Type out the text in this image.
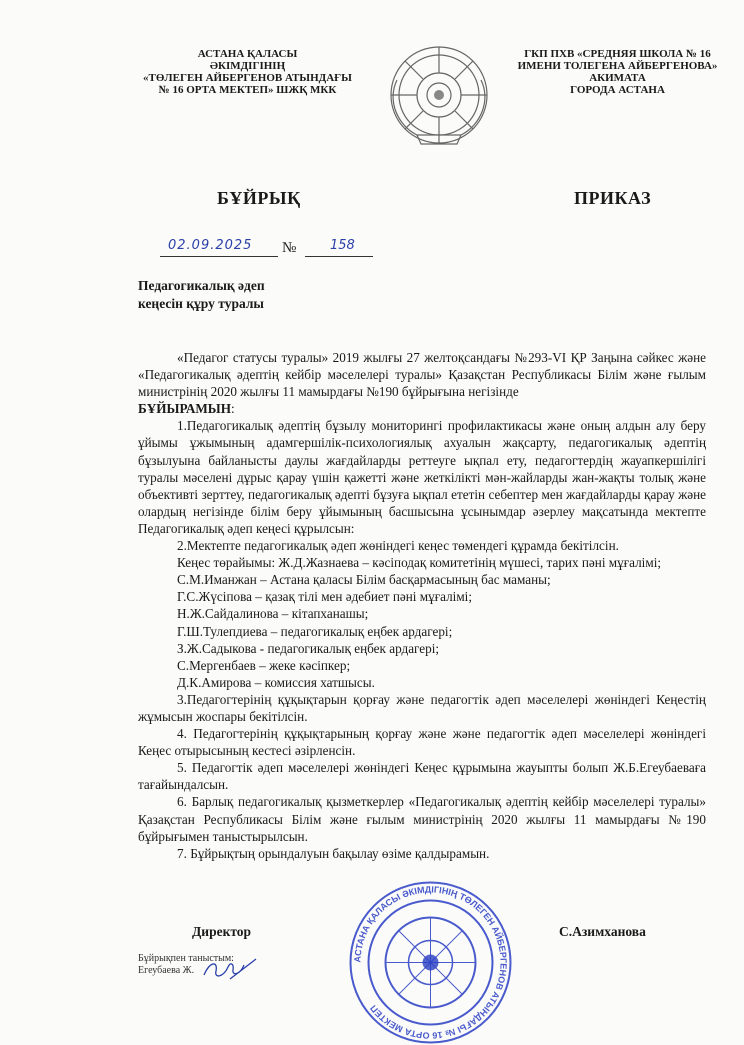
АСТАНА ҚАЛАСЫ
ӘКІМДІГІНІҢ
«ТӨЛЕГЕН АЙБЕРГЕНОВ АТЫНДАҒЫ
№ 16 ОРТА МЕКТЕП» ШЖҚ МКК
ГКП ПХВ «СРЕДНЯЯ ШКОЛА № 16
ИМЕНИ ТОЛЕГЕНА АЙБЕРГЕНОВА»
АКИМАТА
ГОРОДА АСТАНА
БҰЙРЫҚ	ПРИКАЗ
02.09.2025 №	158
Педагогикалық әдеп
кеңесін құру туралы

«Педагог статусы туралы» 2019 жылғы 27 желтоқсандағы №293-VI ҚР Заңына сәйкес және «Педагогикалық әдептің кейбір мәселелері туралы» Қазақстан Республикасы Білім және ғылым министрінің 2020 жылғы 11 мамырдағы №190 бұйрығына негізінде
БҰЙЫРАМЫН:

1.Педагогикалық әдептің бұзылу мониторингі профилактикасы және оның алдын алу беру ұйымы ұжымының адамгершілік-психологиялық ахуалын жақсарту, педагогикалық әдептің бұзылуына байланысты даулы жағдайларды реттеуге ықпал ету, педагогтердің жауапкершілігі туралы мәселені дұрыс қарау үшін қажетті және жеткілікті мән-жайларды жан-жақты толық және объективті зерттеу, педагогикалық әдепті бұзуға ықпал ететін себептер мен жағдайларды қарау және олардың негізінде білім беру ұйымының басшысына ұсынымдар әзерлеу мақсатында мектепте Педагогикалық әдеп кеңесі құрылсын:

2.Мектепте педагогикалық әдеп жөніндегі кеңес төмендегі құрамда бекітілсін.

Кеңес төрайымы: Ж.Д.Жазнаева – кәсіподақ комитетінің мүшесі, тарих пәні мұғалімі;

С.М.Иманжан – Астана қаласы Білім басқармасының бас маманы;

Г.С.Жүсіпова – қазақ тілі мен әдебиет пәні мұғалімі;

Н.Ж.Сайдалинова – кітапханашы;

Г.Ш.Тулепдиева – педагогикалық еңбек ардагері;

З.Ж.Садыкова - педагогикалық еңбек ардагері;

С.Мергенбаев – жеке кәсіпкер;

Д.К.Амирова – комиссия хатшысы.

3.Педагогтерінің құқықтарын қорғау және педагогтік әдеп мәселелері жөніндегі Кеңестің жұмысын жоспары бекітілсін.

4. Педагогтерінің құқықтарының қорғау және және педагогтік әдеп мәселелері жөніндегі Кеңес отырысының кестесі әзірленсін.

5. Педагогтік әдеп мәселелері жөніндегі Кеңес құрымына жауыпты болып Ж.Б.Егеубаеваға тағайындалсын.

6. Барлық педагогикалық қызметкерлер «Педагогикалық әдептің кейбір мәселелері туралы» Қазақстан Республикасы Білім және ғылым министрінің 2020 жылғы 11 мамырдағы №190 бұйрығымен таныстырылсын.

7. Бұйрықтың орындалуын бақылау өзіме қалдырамын.

АСТАНА ҚАЛАСЫ ӘКІМДІГІНІҢ ТӨЛЕГЕН АЙБЕРГЕНОВ АТЫНДАҒЫ № 16 ОРТА МЕКТЕП
Директор	С.Азимханова
Бұйрықпен таныстым:
Егеубаева Ж.
